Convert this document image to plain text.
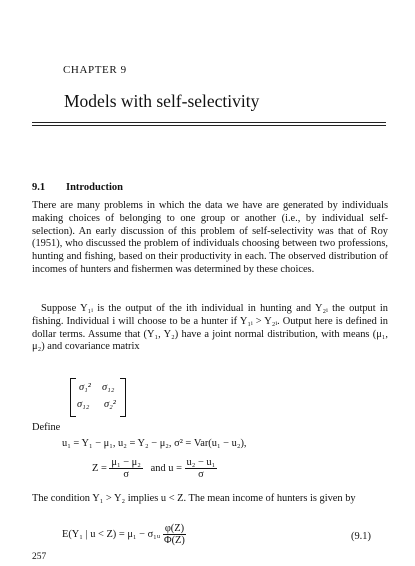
CHAPTER 9
Models with self-selectivity
9.1 Introduction
There are many problems in which the data we have are generated by individuals making choices of belonging to one group or another (i.e., by individual self-selection). An early discussion of this problem of self-selectivity was that of Roy (1951), who discussed the problem of individuals choosing between two professions, hunting and fishing, based on their productivity in each. The observed distribution of incomes of hunters and fishermen was determined by these choices.
Suppose Y₁ᵢ is the output of the ith individual in hunting and Y₂ᵢ the output in fishing. Individual i will choose to be a hunter if Y₁ᵢ > Y₂ᵢ. Output here is defined in dollar terms. Assume that (Y₁, Y₂) have a joint normal distribution, with means (μ₁, μ₂) and covariance matrix
σ₁² σ₁₂
σ₁₂ σ₂²
Define
u₁ = Y₁ − μ₁, u₂ = Y₂ − μ₂, σ² = Var(u₁ − u₂),
$Z = \frac{\text{μ₁ − μ₂}}{\sigma}$ and $u = \frac{\text{u₂ − u₁}}{\sigma}$
The condition Y₁ > Y₂ implies u < Z. The mean income of hunters is given by
E(Y₁ | u < Z) = μ₁ − σ₁ᵤ $\frac{\varphi(Z)}{\Phi(Z)}$	(9.1)
257
